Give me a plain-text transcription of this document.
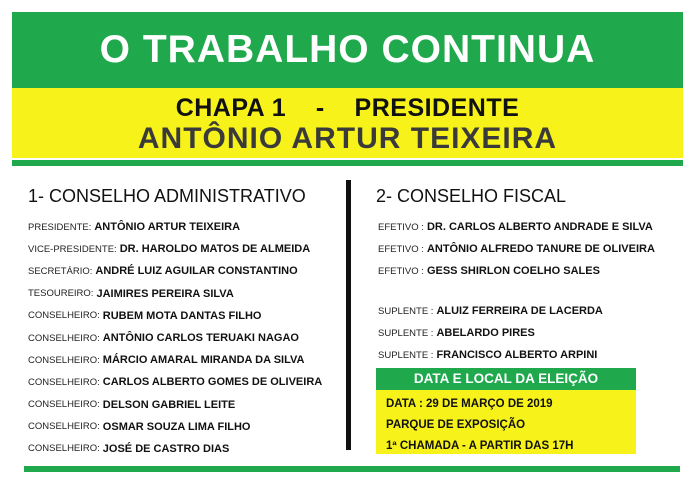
O TRABALHO CONTINUA
CHAPA 1    -    PRESIDENTE
ANTÔNIO ARTUR TEIXEIRA
1- CONSELHO ADMINISTRATIVO
PRESIDENTE: ANTÔNIO ARTUR TEIXEIRA
VICE-PRESIDENTE: DR. HAROLDO MATOS DE ALMEIDA
SECRETÁRIO: ANDRÉ LUIZ AGUILAR CONSTANTINO
TESOUREIRO: JAIMIRES PEREIRA SILVA
CONSELHEIRO: RUBEM MOTA DANTAS FILHO
CONSELHEIRO: ANTÔNIO CARLOS TERUAKI NAGAO
CONSELHEIRO: MÁRCIO AMARAL MIRANDA DA SILVA
CONSELHEIRO: CARLOS ALBERTO GOMES DE OLIVEIRA
CONSELHEIRO: DELSON GABRIEL LEITE
CONSELHEIRO: OSMAR SOUZA LIMA FILHO
CONSELHEIRO: JOSÉ DE CASTRO DIAS
2- CONSELHO FISCAL
EFETIVO : DR. CARLOS ALBERTO ANDRADE E SILVA
EFETIVO : ANTÔNIO ALFREDO TANURE DE OLIVEIRA
EFETIVO : GESS SHIRLON COELHO SALES
SUPLENTE : ALUIZ FERREIRA DE LACERDA
SUPLENTE : ABELARDO PIRES
SUPLENTE : FRANCISCO ALBERTO ARPINI
DATA E LOCAL DA ELEIÇÃO
DATA : 29 DE MARÇO DE 2019
PARQUE DE EXPOSIÇÃO
1ª CHAMADA - A PARTIR DAS 17H
